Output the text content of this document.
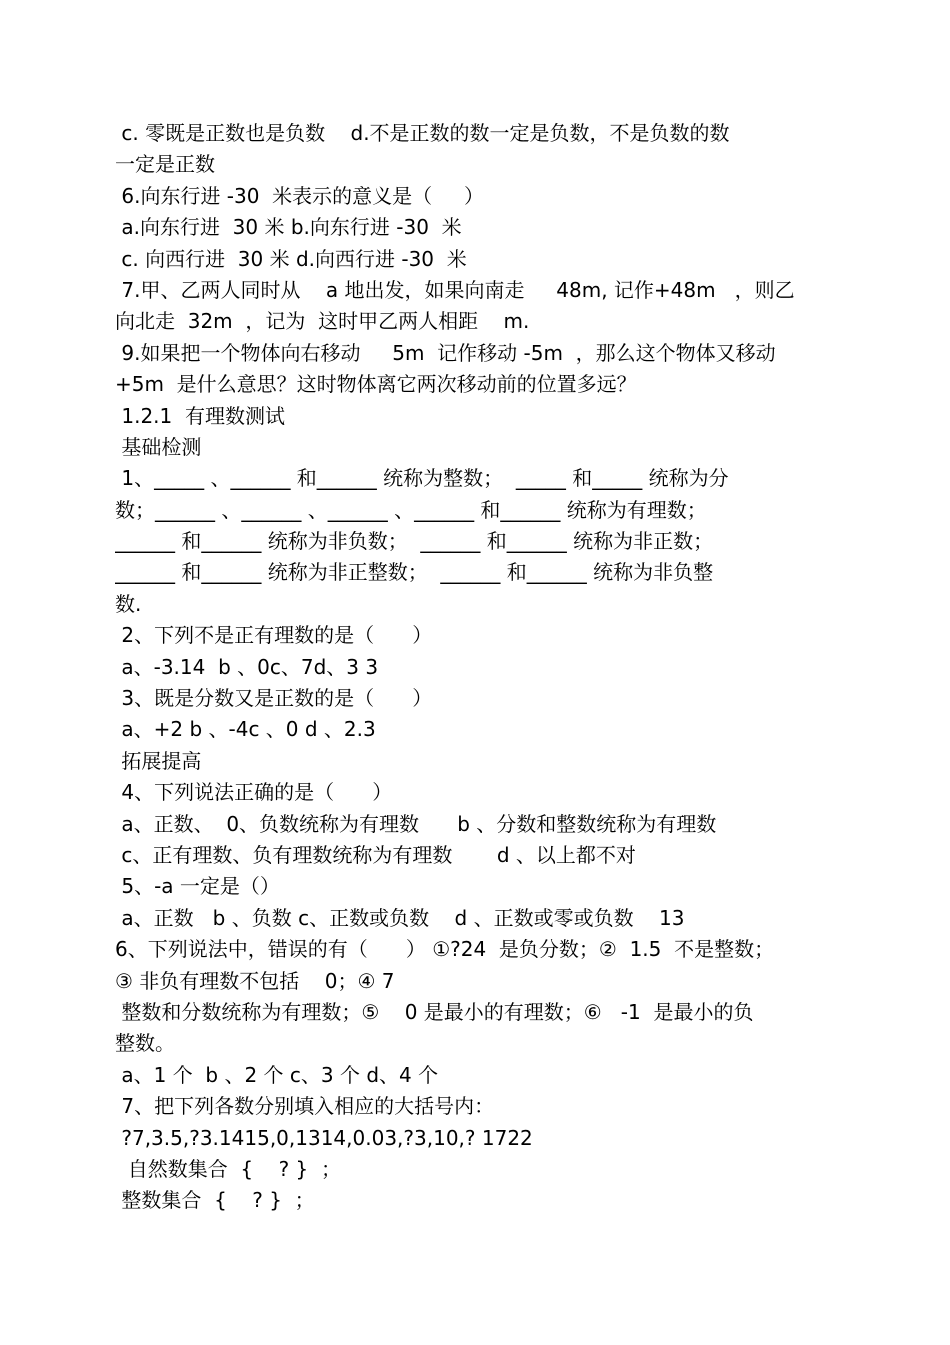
c. 零既是正数也是负数    d.不是正数的数一定是负数，不是负数的数
一定是正数
6.向东行进 -30  米表示的意义是（     ）
a.向东行进  30 米 b.向东行进 -30  米
c. 向西行进  30 米 d.向西行进 -30  米
7.甲、乙两人同时从    a 地出发，如果向南走     48m, 记作+48m   ，则乙
向北走  32m  ，记为  这时甲乙两人相距    m.
9.如果把一个物体向右移动     5m  记作移动 -5m  ，那么这个物体又移动
+5m  是什么意思？这时物体离它两次移动前的位置多远？
1.2.1  有理数测试
基础检测
1、_____ 、______ 和______ 统称为整数；  _____ 和_____ 统称为分
数；______ 、______ 、______ 、______ 和______ 统称为有理数；
______ 和______ 统称为非负数；  ______ 和______ 统称为非正数；
______ 和______ 统称为非正整数；  ______ 和______ 统称为非负整
数.
2、下列不是正有理数的是（      ）
a、-3.14  b 、0c、7d、3 3
3、既是分数又是正数的是（      ）
a、+2 b 、-4c 、0 d 、2.3
拓展提高
4、下列说法正确的是（      ）
a、正数、  0、负数统称为有理数      b 、分数和整数统称为有理数
c、正有理数、负有理数统称为有理数       d 、以上都不对
5、-a 一定是（）
a、正数   b 、负数 c、正数或负数    d 、正数或零或负数    13
6、下列说法中，错误的有（      ） ①?24  是负分数；②  1.5  不是整数；
③ 非负有理数不包括    0；④ 7
整数和分数统称为有理数；⑤    0 是最小的有理数；⑥   -1  是最小的负
整数。
a、1 个  b 、2 个 c、3 个 d、4 个
7、把下列各数分别填入相应的大括号内：
?7,3.5,?3.1415,0,1314,0.03,?3,10,? 1722
自然数集合  {    ? }  ；
整数集合  {    ? }  ；
